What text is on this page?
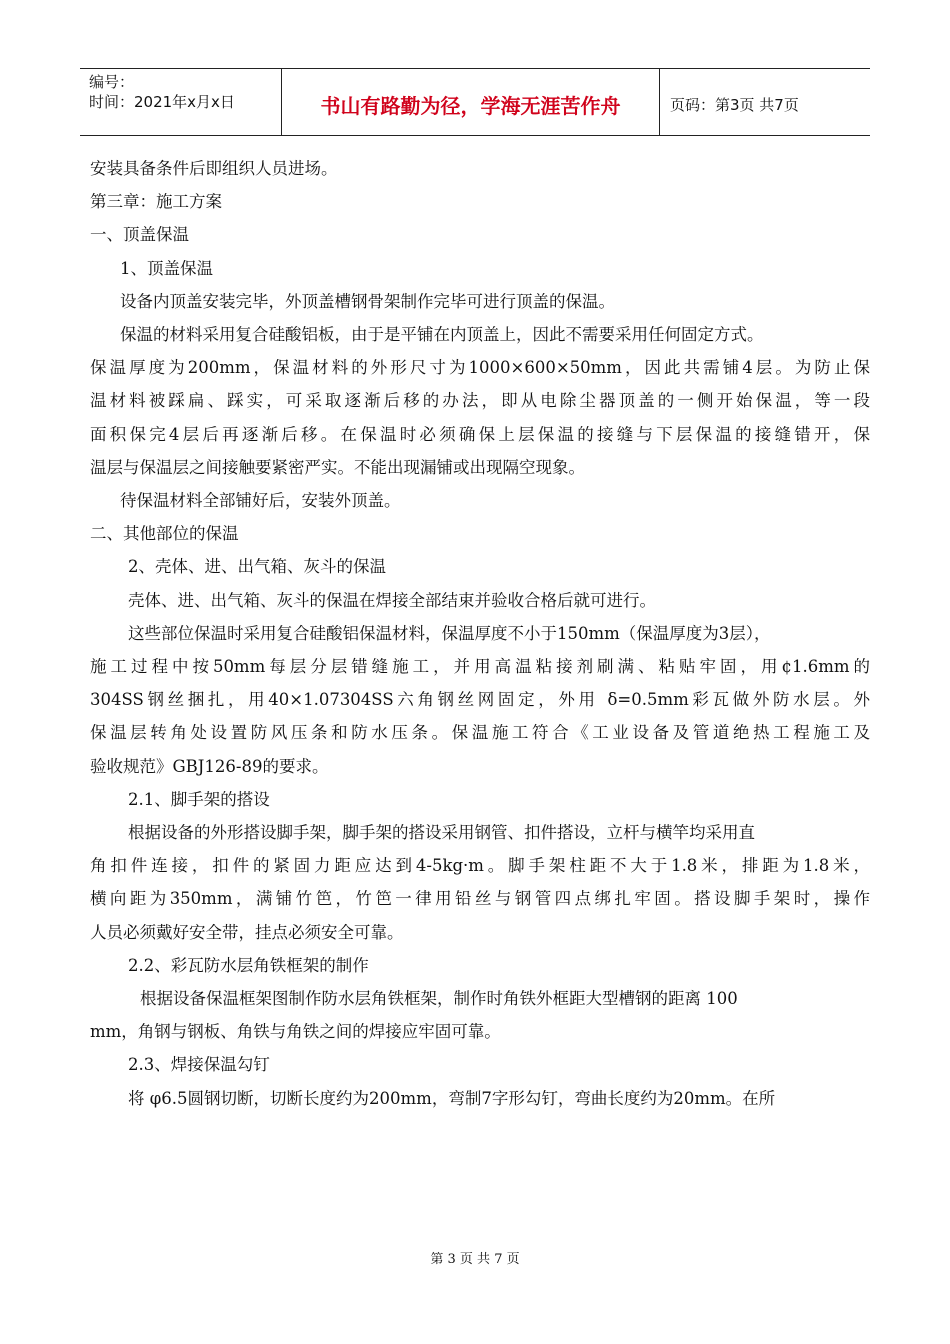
编号：
时间：2021年x月x日	书山有路勤为径，学海无涯苦作舟	页码：第3页 共7页

安装具备条件后即组织人员进场。

第三章：施工方案

一、顶盖保温

1、顶盖保温

设备内顶盖安装完毕，外顶盖槽钢骨架制作完毕可进行顶盖的保温。

保温的材料采用复合硅酸铝板，由于是平铺在内顶盖上，因此不需要采用任何固定方式。

保温厚度为200mm，保温材料的外形尺寸为1000×600×50mm，因此共需铺4层。为防止保

温材料被踩扁、踩实，可采取逐渐后移的办法，即从电除尘器顶盖的一侧开始保温，等一段

面积保完4层后再逐渐后移。在保温时必须确保上层保温的接缝与下层保温的接缝错开，保

温层与保温层之间接触要紧密严实。不能出现漏铺或出现隔空现象。

待保温材料全部铺好后，安装外顶盖。

二、其他部位的保温

2、壳体、进、出气箱、灰斗的保温

壳体、进、出气箱、灰斗的保温在焊接全部结束并验收合格后就可进行。

这些部位保温时采用复合硅酸铝保温材料，保温厚度不小于150mm（保温厚度为3层），

施工过程中按50mm每层分层错缝施工，并用高温粘接剂刷满、粘贴牢固，用¢1.6mm的

304SS钢丝捆扎，用40×1.07304SS六角钢丝网固定，外用 δ=0.5mm彩瓦做外防水层。外

保温层转角处设置防风压条和防水压条。保温施工符合《工业设备及管道绝热工程施工及

验收规范》GBJ126-89的要求。

2.1、脚手架的搭设

根据设备的外形搭设脚手架，脚手架的搭设采用钢管、扣件搭设，立杆与横竿均采用直

角扣件连接，扣件的紧固力距应达到4-5kg·m。脚手架柱距不大于1.8米，排距为1.8米，

横向距为350mm，满铺竹笆，竹笆一律用铅丝与钢管四点绑扎牢固。搭设脚手架时，操作

人员必须戴好安全带，挂点必须安全可靠。

2.2、彩瓦防水层角铁框架的制作

根据设备保温框架图制作防水层角铁框架，制作时角铁外框距大型槽钢的距离 100

mm，角钢与钢板、角铁与角铁之间的焊接应牢固可靠。

2.3、焊接保温勾钉

将 φ6.5圆钢切断，切断长度约为200mm，弯制7字形勾钉，弯曲长度约为20mm。在所

第 3 页 共 7 页
